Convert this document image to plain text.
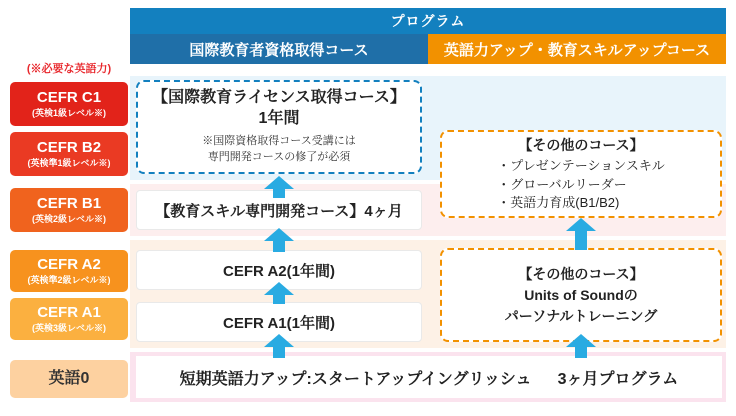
プログラム
国際教育者資格取得コース	英語力アップ・教育スキルアップコース
(※必要な英語力)
CEFR C1
(英検1級レベル※)
CEFR B2
(英検準1級レベル※)
CEFR B1
(英検2級レベル※)
CEFR A2
(英検準2級レベル※)
CEFR A1
(英検3級レベル※)
英語0
【国際教育ライセンス取得コース】
1年間
※国際資格取得コース受講には
専門開発コースの修了が必須
【その他のコース】
・プレゼンテーションスキル
・グローバルリーダー
・英語力育成(B1/B2)
【教育スキル専門開発コース】4ヶ月
CEFR A2(1年間)
CEFR A1(1年間)
【その他のコース】
Units of Soundの
パーソナルトレーニング
短期英語力アップ:スタートアップイングリッシュ 3ヶ月プログラム
